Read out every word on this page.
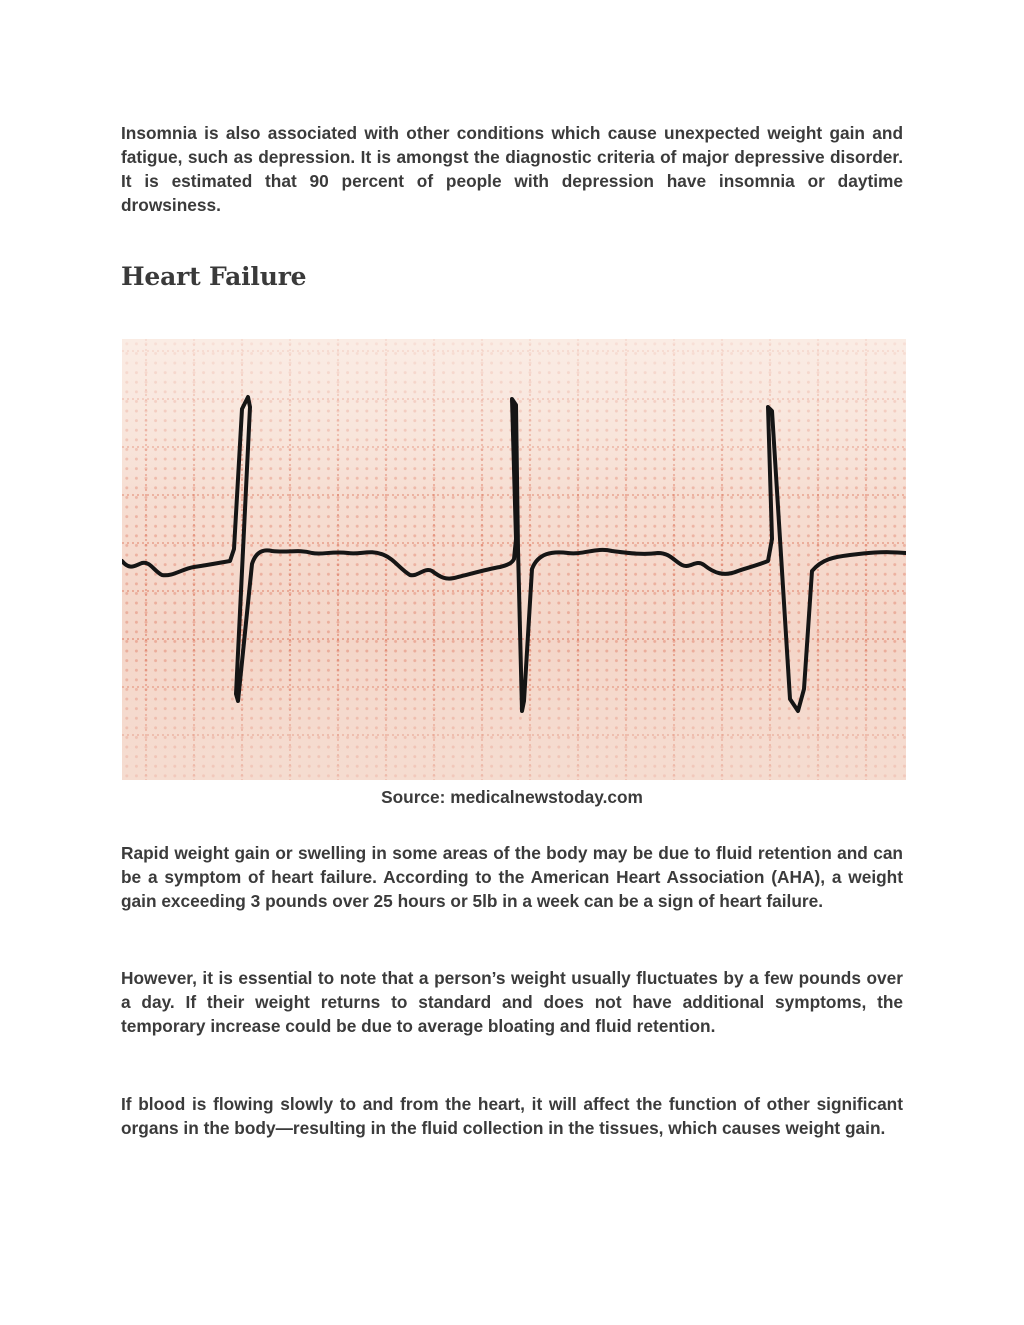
Insomnia is also associated with other conditions which cause unexpected weight gain and fatigue, such as depression. It is amongst the diagnostic criteria of major depressive disorder. It is estimated that 90 percent of people with depression have insomnia or daytime drowsiness.

Heart Failure
Source: medicalnewstoday.com

Rapid weight gain or swelling in some areas of the body may be due to fluid retention and can be a symptom of heart failure. According to the American Heart Association (AHA), a weight gain exceeding 3 pounds over 25 hours or 5lb in a week can be a sign of heart failure.

However, it is essential to note that a person’s weight usually fluctuates by a few pounds over a day. If their weight returns to standard and does not have additional symptoms, the temporary increase could be due to average bloating and fluid retention.

If blood is flowing slowly to and from the heart, it will affect the function of other significant organs in the body—resulting in the fluid collection in the tissues, which causes weight gain.
